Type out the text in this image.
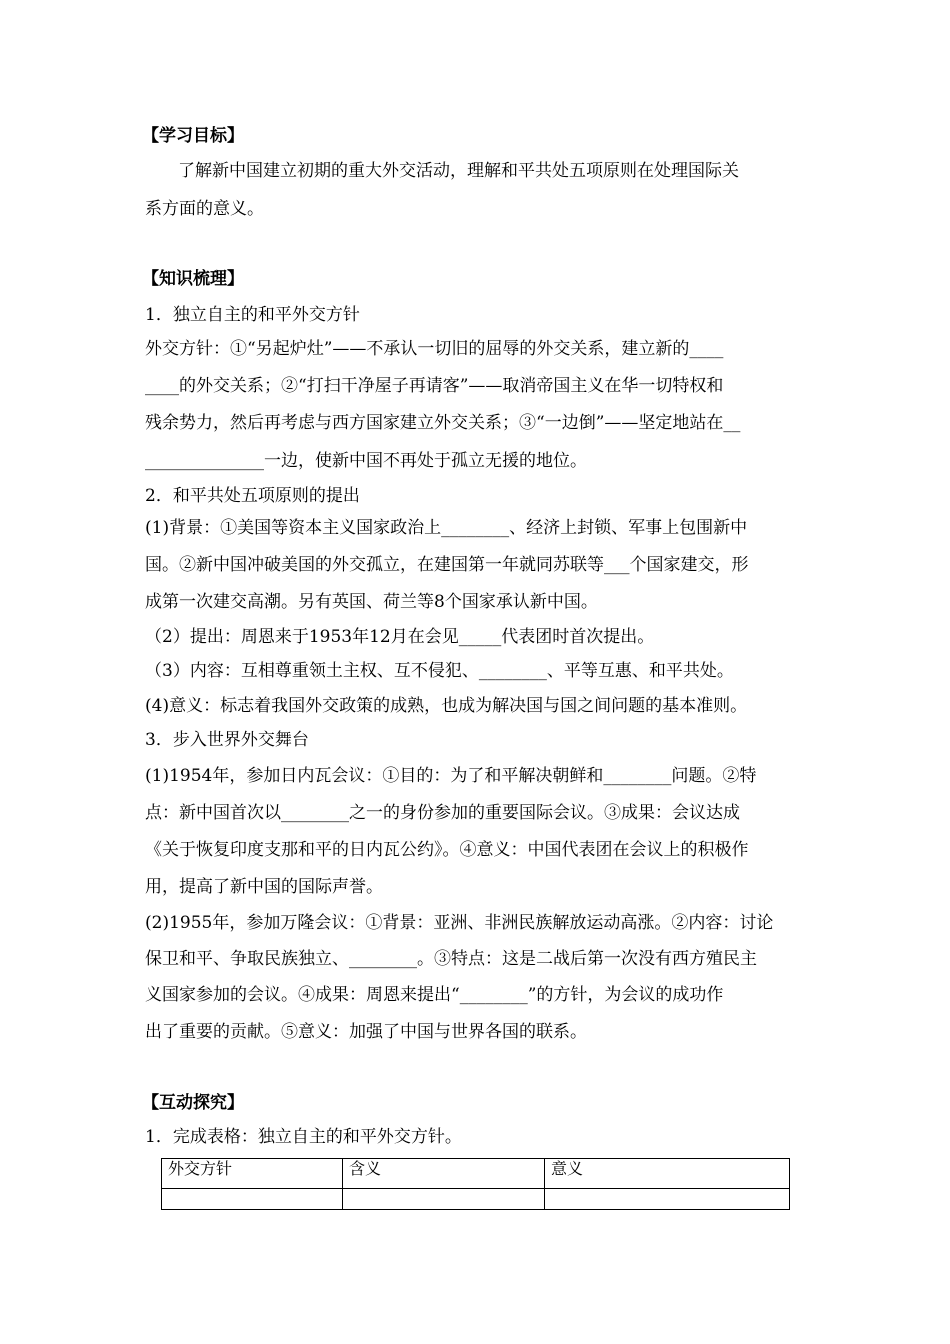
【学习目标】
了解新中国建立初期的重大外交活动，理解和平共处五项原则在处理国际关
系方面的意义。
【知识梳理】
1．独立自主的和平外交方针
外交方针：①“另起炉灶”——不承认一切旧的屈辱的外交关系，建立新的____
____的外交关系；②“打扫干净屋子再请客”——取消帝国主义在华一切特权和
残余势力，然后再考虑与西方国家建立外交关系；③“一边倒”——坚定地站在__
______________一边，使新中国不再处于孤立无援的地位。
2．和平共处五项原则的提出
(1)背景：①美国等资本主义国家政治上________、经济上封锁、军事上包围新中
国。②新中国冲破美国的外交孤立，在建国第一年就同苏联等___个国家建交，形
成第一次建交高潮。另有英国、荷兰等8个国家承认新中国。
（2）提出：周恩来于1953年12月在会见_____代表团时首次提出。
（3）内容：互相尊重领土主权、互不侵犯、________、平等互惠、和平共处。
(4)意义：标志着我国外交政策的成熟，也成为解决国与国之间问题的基本准则。
3．步入世界外交舞台
(1)1954年，参加日内瓦会议：①目的：为了和平解决朝鲜和________问题。②特
点：新中国首次以________之一的身份参加的重要国际会议。③成果：会议达成
《关于恢复印度支那和平的日内瓦公约》。④意义：中国代表团在会议上的积极作
用，提高了新中国的国际声誉。
(2)1955年，参加万隆会议：①背景：亚洲、非洲民族解放运动高涨。②内容：讨论
保卫和平、争取民族独立、________。③特点：这是二战后第一次没有西方殖民主
义国家参加的会议。④成果：周恩来提出“________”的方针，为会议的成功作
出了重要的贡献。⑤意义：加强了中国与世界各国的联系。
【互动探究】
1．完成表格：独立自主的和平外交方针。
外交方针	含义	意义
